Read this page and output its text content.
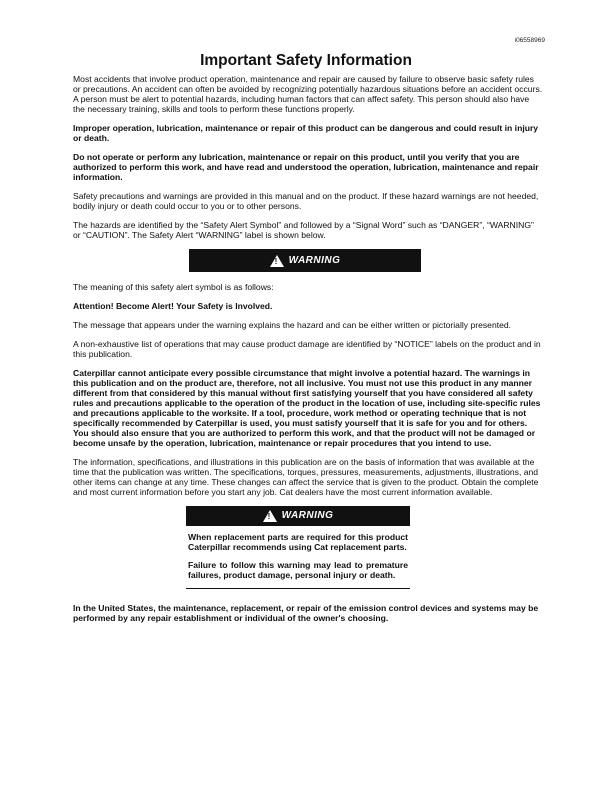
i06558969
Important Safety Information

Most accidents that involve product operation, maintenance and repair are caused by failure to observe basic safety rules or precautions. An accident can often be avoided by recognizing potentially hazardous situations before an accident occurs. A person must be alert to potential hazards, including human factors that can affect safety. This person should also have the necessary training, skills and tools to perform these functions properly.

Improper operation, lubrication, maintenance or repair of this product can be dangerous and could result in injury or death.

Do not operate or perform any lubrication, maintenance or repair on this product, until you verify that you are authorized to perform this work, and have read and understood the operation, lubrication, maintenance and repair information.

Safety precautions and warnings are provided in this manual and on the product. If these hazard warnings are not heeded, bodily injury or death could occur to you or to other persons.

The hazards are identified by the “Safety Alert Symbol” and followed by a “Signal Word” such as “DANGER”, “WARNING” or “CAUTION”. The Safety Alert “WARNING” label is shown below.

! WARNING

The meaning of this safety alert symbol is as follows:

Attention! Become Alert! Your Safety is Involved.

The message that appears under the warning explains the hazard and can be either written or pictorially presented.

A non-exhaustive list of operations that may cause product damage are identified by “NOTICE” labels on the product and in this publication.

Caterpillar cannot anticipate every possible circumstance that might involve a potential hazard. The warnings in this publication and on the product are, therefore, not all inclusive. You must not use this product in any manner different from that considered by this manual without first satisfying yourself that you have considered all safety rules and precautions applicable to the operation of the product in the location of use, including site-specific rules and precautions applicable to the worksite. If a tool, procedure, work method or operating technique that is not specifically recommended by Caterpillar is used, you must satisfy yourself that it is safe for you and for others. You should also ensure that you are authorized to perform this work, and that the product will not be damaged or become unsafe by the operation, lubrication, maintenance or repair procedures that you intend to use.

The information, specifications, and illustrations in this publication are on the basis of information that was available at the time that the publication was written. The specifications, torques, pressures, measurements, adjustments, illustrations, and other items can change at any time. These changes can affect the service that is given to the product. Obtain the complete and most current information before you start any job. Cat dealers have the most current information available.

! WARNING

When replacement parts are required for this product Caterpillar recommends using Cat replacement parts.

Failure to follow this warning may lead to premature failures, product damage, personal injury or death.

In the United States, the maintenance, replacement, or repair of the emission control devices and systems may be performed by any repair establishment or individual of the owner's choosing.
